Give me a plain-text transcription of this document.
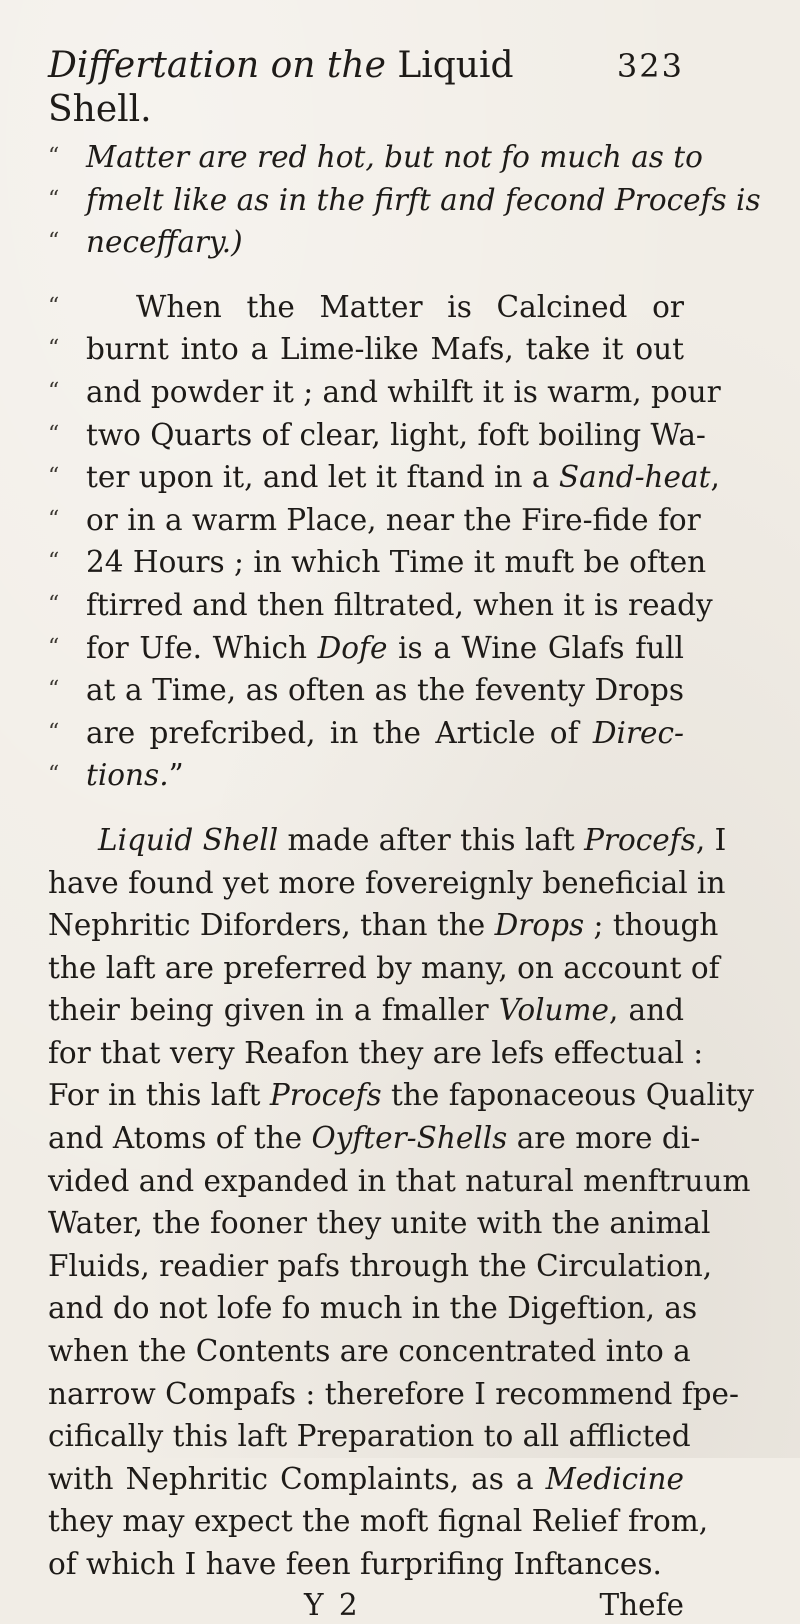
Differtation on the Liquid Shell.
323
“ Matter are red hot, but not fo much as to
“ fmelt like as in the firft and fecond Procefs is
“ neceffary.)
“	When the Matter is Calcined or
“ burnt into a Lime-like Mafs, take it out
“ and powder it ; and whilft it is warm, pour
“ two Quarts of clear, light, foft boiling Wa-
“ ter upon it, and let it ftand in a Sand-heat,
“ or in a warm Place, near the Fire-fide for
“ 24 Hours ; in which Time it muft be often
“ ftirred and then filtrated, when it is ready
“ for Ufe. Which Dofe is a Wine Glafs full
“ at a Time, as often as the feventy Drops
“ are prefcribed, in the Article of Direc-
“ tions.”
Liquid Shell made after this laft Procefs, I
have found yet more fovereignly beneficial in
Nephritic Diforders, than the Drops ; though
the laft are preferred by many, on account of
their being given in a fmaller Volume, and
for that very Reafon they are lefs effectual :
For in this laft Procefs the faponaceous Quality
and Atoms of the Oyfter-Shells are more di-
vided and expanded in that natural menftruum
Water, the fooner they unite with the animal
Fluids, readier pafs through the Circulation,
and do not lofe fo much in the Digeftion, as
when the Contents are concentrated into a
narrow Compafs : therefore I recommend fpe-
cifically this laft Preparation to all afflicted
with Nephritic Complaints, as a Medicine
they may expect the moft fignal Relief from,
of which I have feen furprifing Inftances.
Y 2	Thefe
